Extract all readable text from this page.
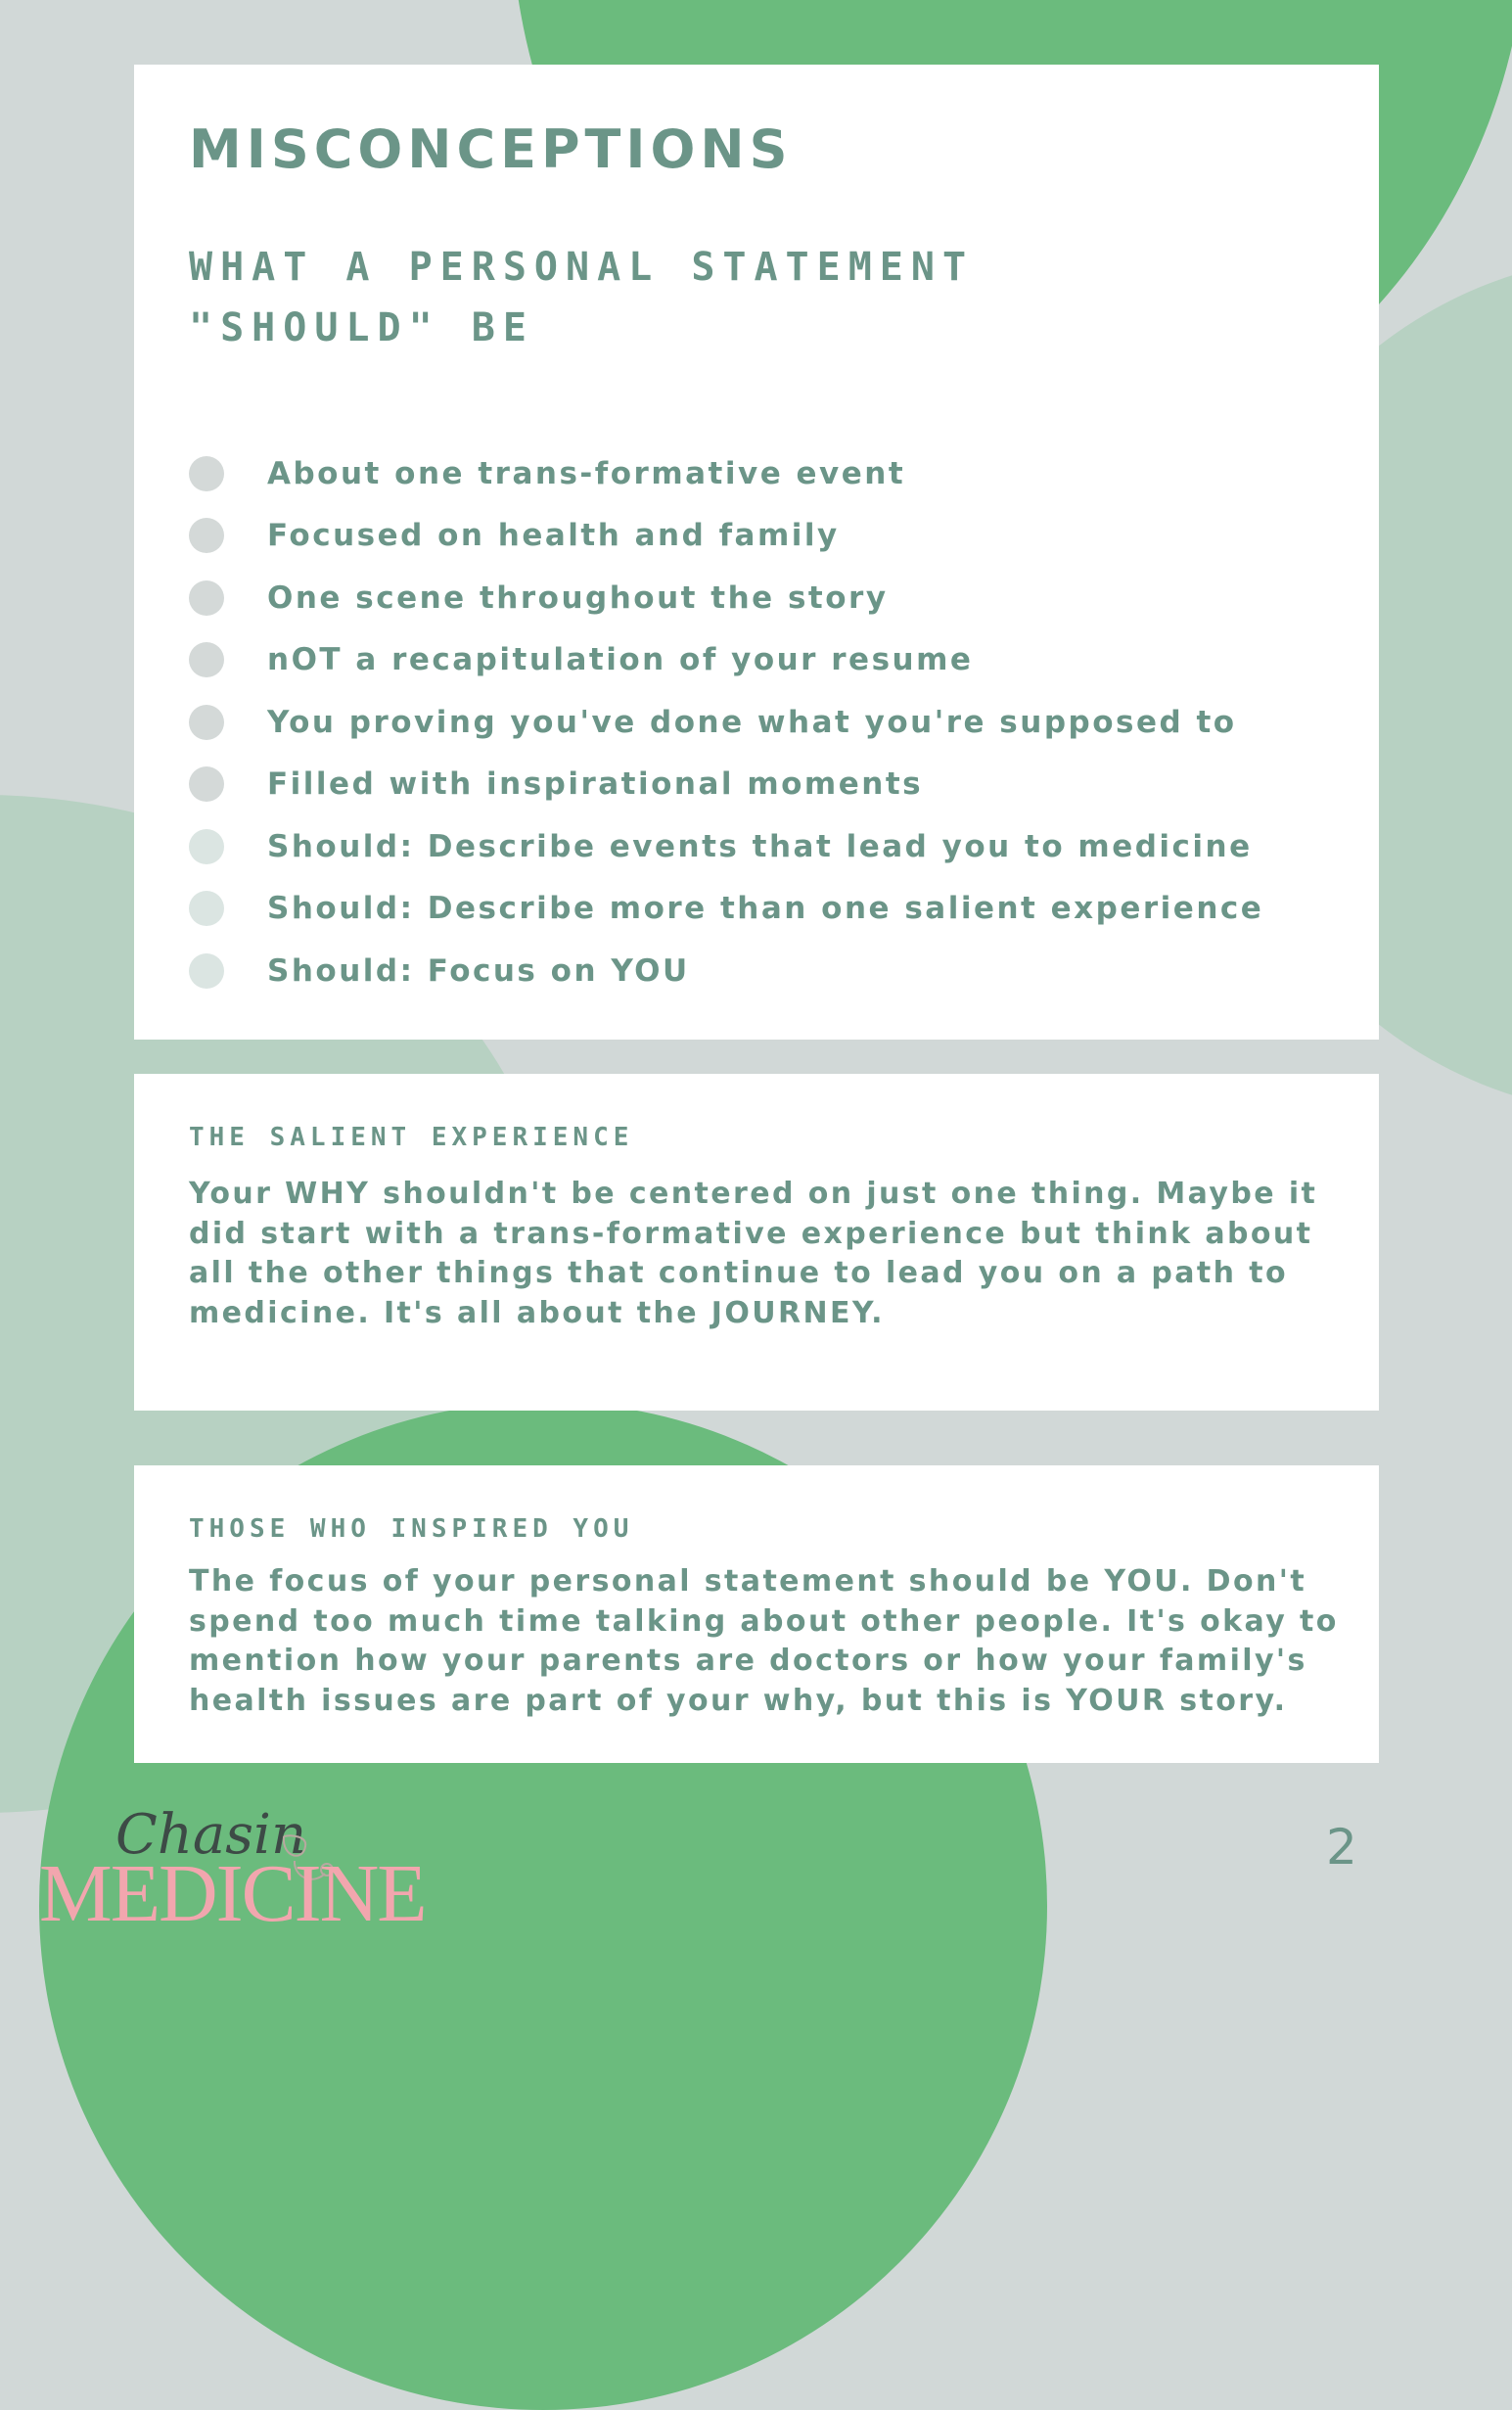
MISCONCEPTIONS
WHAT A PERSONAL STATEMENT
"SHOULD" BE
About one trans-formative event
Focused on health and family
One scene throughout the story
nOT a recapitulation of your resume
You proving you've done what you're supposed to
Filled with inspirational moments
Should: Describe events that lead you to medicine
Should: Describe more than one salient experience
Should: Focus on YOU
THE SALIENT EXPERIENCE

Your WHY shouldn't be centered on just one thing. Maybe it did start with a trans-formative experience but think about all the other things that continue to lead you on a path to medicine. It's all about the JOURNEY.

THOSE WHO INSPIRED YOU

The focus of your personal statement should be YOU. Don't spend too much time talking about other people. It's okay to mention how your parents are doctors or how your family's health issues are part of your why, but this is YOUR story.

Chasin

MEDICINE

2
